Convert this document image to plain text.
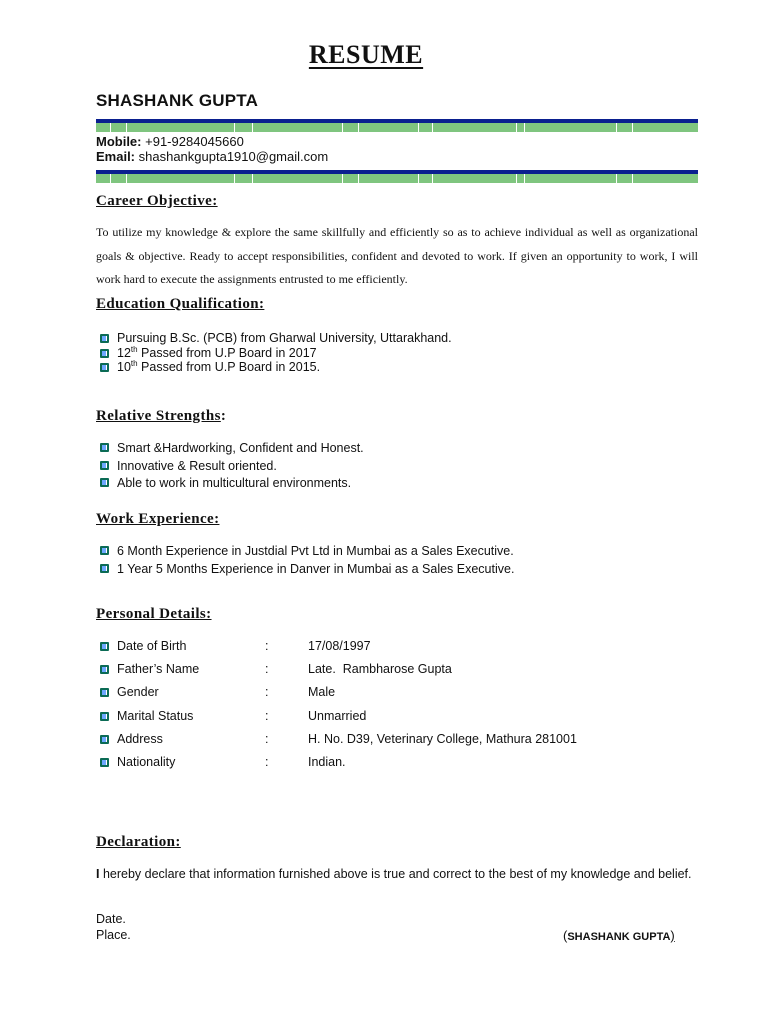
RESUME
SHASHANK GUPTA
Mobile: +91-9284045660
Email: shashankgupta1910@gmail.com
Career Objective:
To utilize my knowledge & explore the same skillfully and efficiently so as to achieve individual as well as organizational goals & objective. Ready to accept responsibilities, confident and devoted to work. If given an opportunity to work, I will work hard to execute the assignments entrusted to me efficiently.
Education Qualification:
Pursuing B.Sc. (PCB) from Gharwal University, Uttarakhand.
12th Passed from U.P Board in 2017
10th Passed from U.P Board in 2015.
Relative Strengths:
Smart &Hardworking, Confident and Honest.
Innovative & Result oriented.
Able to work in multicultural environments.
Work Experience:
6 Month Experience in Justdial Pvt Ltd in Mumbai as a Sales Executive.
1 Year 5 Months Experience in Danver in Mumbai as a Sales Executive.
Personal Details:
Date of Birth	:	17/08/1997
Father’s Name	:	Late.  Rambharose Gupta
Gender	:	Male
Marital Status	:	Unmarried
Address	:	H. No. D39, Veterinary College, Mathura 281001
Nationality	:	Indian.
Declaration:
I hereby declare that information furnished above is true and correct to the best of my knowledge and belief.
Date.
Place.	(SHASHANK GUPTA)
